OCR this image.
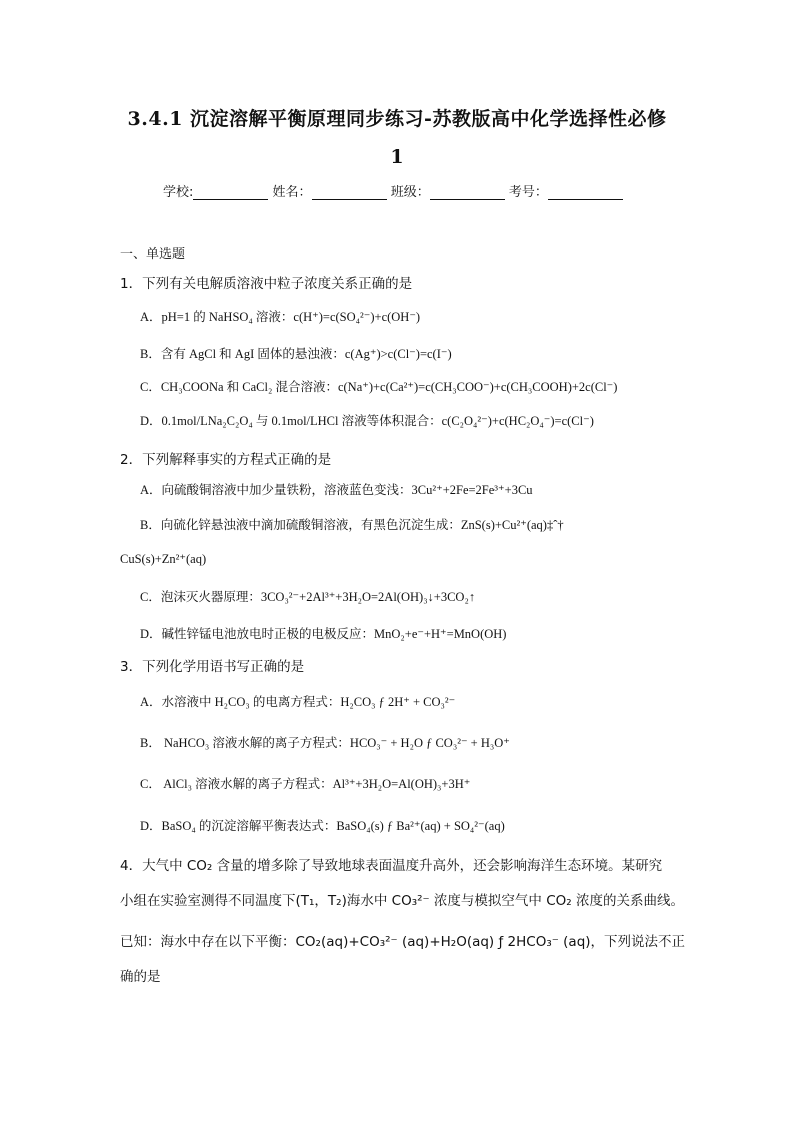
3.4.1 沉淀溶解平衡原理同步练习-苏教版高中化学选择性必修
1
学校:	姓名：	班级：	考号：
一、单选题
1．下列有关电解质溶液中粒子浓度关系正确的是
A．pH=1 的 NaHSO₄ 溶液：c(H⁺)=c(SO₄²⁻)+c(OH⁻)
B．含有 AgCl 和 AgI 固体的悬浊液：c(Ag⁺)>c(Cl⁻)=c(I⁻)
C．CH₃COONa 和 CaCl₂ 混合溶液：c(Na⁺)+c(Ca²⁺)=c(CH₃COO⁻)+c(CH₃COOH)+2c(Cl⁻)
D．0.1mol/LNa₂C₂O₄ 与 0.1mol/LHCl 溶液等体积混合：c(C₂O₄²⁻)+c(HC₂O₄⁻)=c(Cl⁻)
2．下列解释事实的方程式正确的是
A．向硫酸铜溶液中加少量铁粉，溶液蓝色变浅：3Cu²⁺+2Fe=2Fe³⁺+3Cu
B．向硫化锌悬浊液中滴加硫酸铜溶液，有黑色沉淀生成：ZnS(s)+Cu²⁺(aq)‡ˆ†
CuS(s)+Zn²⁺(aq)
C．泡沫灭火器原理：3CO₃²⁻+2Al³⁺+3H₂O=2Al(OH)₃↓+3CO₂↑
D．碱性锌锰电池放电时正极的电极反应：MnO₂+e⁻+H⁺=MnO(OH)
3．下列化学用语书写正确的是
A．水溶液中 H₂CO₃ 的电离方程式：H₂CO₃ ƒ 2H⁺ + CO₃²⁻
B． NaHCO₃ 溶液水解的离子方程式：HCO₃⁻ + H₂O ƒ CO₃²⁻ + H₃O⁺
C． AlCl₃ 溶液水解的离子方程式：Al³⁺+3H₂O=Al(OH)₃+3H⁺
D．BaSO₄ 的沉淀溶解平衡表达式：BaSO₄(s) ƒ Ba²⁺(aq) + SO₄²⁻(aq)
4．大气中 CO₂ 含量的增多除了导致地球表面温度升高外，还会影响海洋生态环境。某研究
小组在实验室测得不同温度下(T₁，T₂)海水中 CO₃²⁻ 浓度与模拟空气中 CO₂ 浓度的关系曲线。
已知：海水中存在以下平衡：CO₂(aq)+CO₃²⁻ (aq)+H₂O(aq) ƒ 2HCO₃⁻ (aq)，下列说法不正
确的是
